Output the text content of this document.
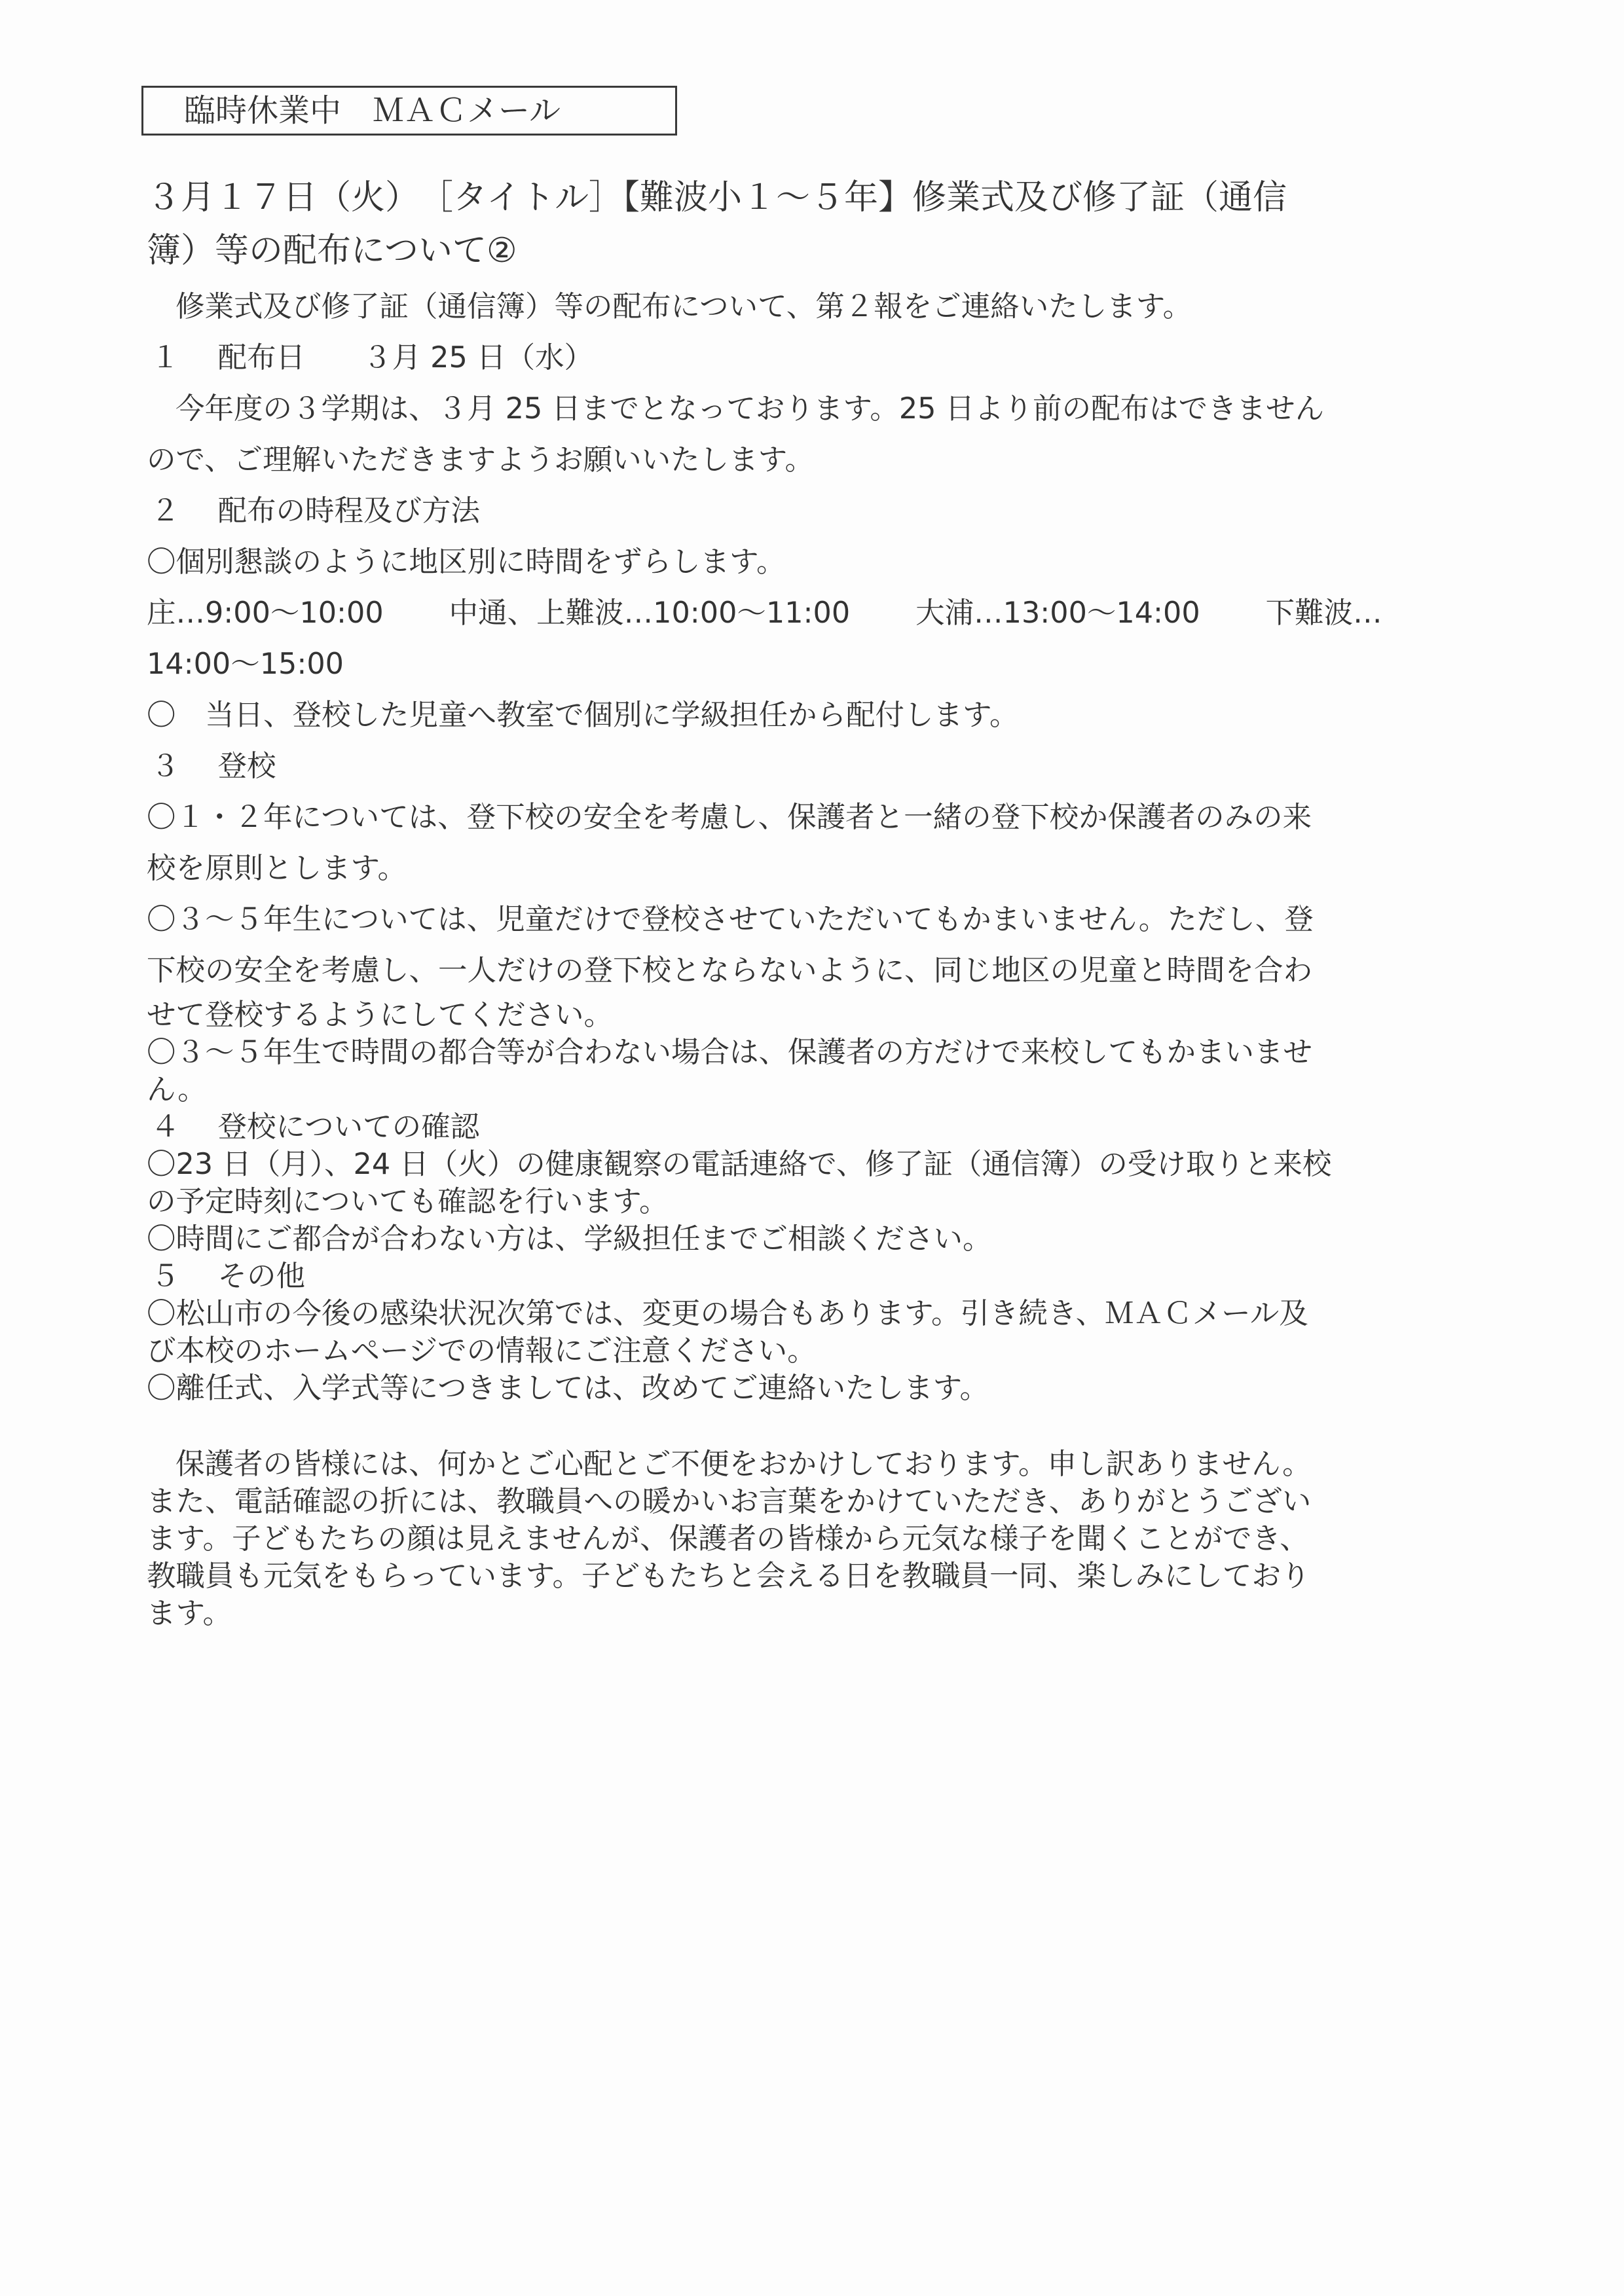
臨時休業中　ＭＡＣメール
３月１７日（火）　［タイトル］【難波小１～５年】修業式及び修了証（通信
簿）等の配布について②
修業式及び修了証（通信簿）等の配布について、第２報をご連絡いたします。
１ 配布日 ３月 25 日（水）
今年度の３学期は、３月 25 日までとなっております。25 日より前の配布はできません
ので、ご理解いただきますようお願いいたします。
２ 配布の時程及び方法
〇個別懇談のように地区別に時間をずらします。
庄…9:00～10:00 中通、上難波…10:00～11:00 大浦…13:00～14:00 下難波…
14:00～15:00
〇　当日、登校した児童へ教室で個別に学級担任から配付します。
３ 登校
〇１・２年については、登下校の安全を考慮し、保護者と一緒の登下校か保護者のみの来
校を原則とします。
〇３～５年生については、児童だけで登校させていただいてもかまいません。ただし、登
下校の安全を考慮し、一人だけの登下校とならないように、同じ地区の児童と時間を合わ
せて登校するようにしてください。
〇３～５年生で時間の都合等が合わない場合は、保護者の方だけで来校してもかまいませ
ん。
４ 登校についての確認
〇23 日（月）、24 日（火）の健康観察の電話連絡で、修了証（通信簿）の受け取りと来校
の予定時刻についても確認を行います。
〇時間にご都合が合わない方は、学級担任までご相談ください。
５ その他
〇松山市の今後の感染状況次第では、変更の場合もあります。引き続き、ＭＡＣメール及
び本校のホームページでの情報にご注意ください。
〇離任式、入学式等につきましては、改めてご連絡いたします。
保護者の皆様には、何かとご心配とご不便をおかけしております。申し訳ありません。
また、電話確認の折には、教職員への暖かいお言葉をかけていただき、ありがとうござい
ます。子どもたちの顔は見えませんが、保護者の皆様から元気な様子を聞くことができ、
教職員も元気をもらっています。子どもたちと会える日を教職員一同、楽しみにしており
ます。
